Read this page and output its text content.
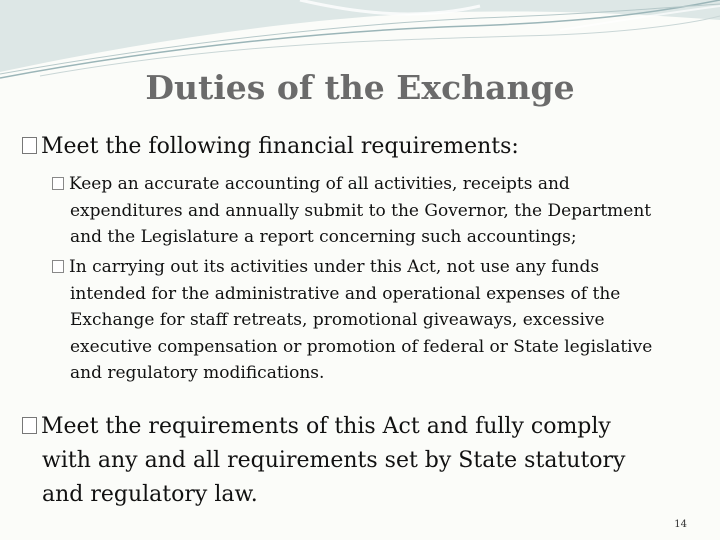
Duties of the Exchange
Meet the following financial requirements:
Keep an accurate accounting of all activities, receipts and
expenditures and annually submit to the Governor, the Department
and the Legislature a report concerning such accountings;
In carrying out its activities under this Act, not use any funds
intended for the administrative and operational expenses of the
Exchange for staff retreats, promotional giveaways, excessive
executive compensation or promotion of federal or State legislative
and regulatory modifications.
Meet the requirements of this Act and fully comply
with any and all requirements set by State statutory
and regulatory law.
14
